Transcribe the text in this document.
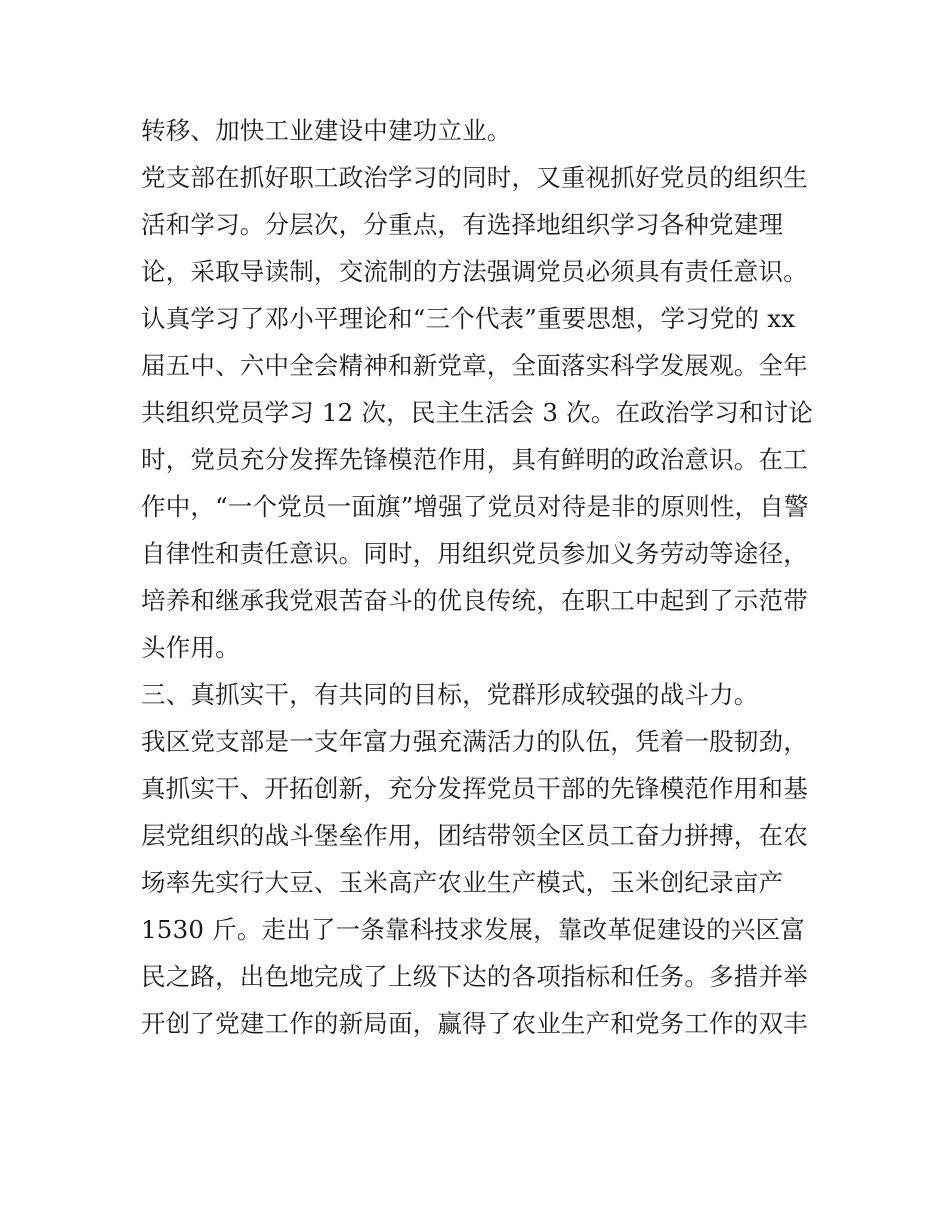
转移、加快工业建设中建功立业。
党支部在抓好职工政治学习的同时，又重视抓好党员的组织生
活和学习。分层次，分重点，有选择地组织学习各种党建理
论，采取导读制，交流制的方法强调党员必须具有责任意识。
认真学习了邓小平理论和“三个代表”重要思想，学习党的 xx
届五中、六中全会精神和新党章，全面落实科学发展观。全年
共组织党员学习 12 次，民主生活会 3 次。在政治学习和讨论
时，党员充分发挥先锋模范作用，具有鲜明的政治意识。在工
作中，“一个党员一面旗”增强了党员对待是非的原则性，自警
自律性和责任意识。同时，用组织党员参加义务劳动等途径，
培养和继承我党艰苦奋斗的优良传统，在职工中起到了示范带
头作用。
三、真抓实干，有共同的目标，党群形成较强的战斗力。
我区党支部是一支年富力强充满活力的队伍，凭着一股韧劲，
真抓实干、开拓创新，充分发挥党员干部的先锋模范作用和基
层党组织的战斗堡垒作用，团结带领全区员工奋力拼搏，在农
场率先实行大豆、玉米高产农业生产模式，玉米创纪录亩产
1530 斤。走出了一条靠科技求发展，靠改革促建设的兴区富
民之路，出色地完成了上级下达的各项指标和任务。多措并举
开创了党建工作的新局面，赢得了农业生产和党务工作的双丰
